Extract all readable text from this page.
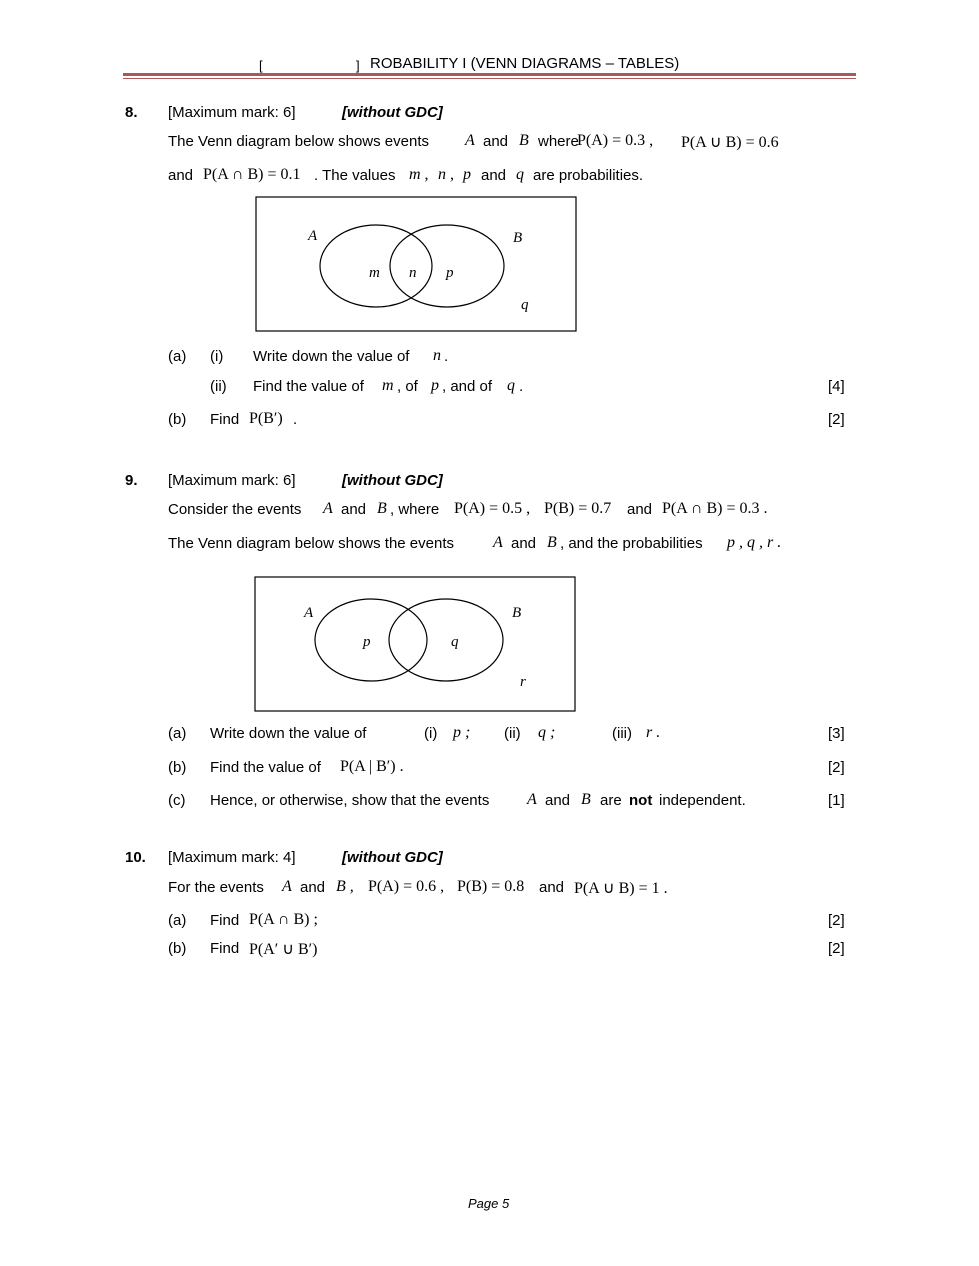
[	] ROBABILITY I (VENN DIAGRAMS – TABLES)
8. [Maximum mark: 6]	[without GDC]
The Venn diagram below shows events A and B where
P(A) = 0.3 , P(A ∪ B) = 0.6
and P(A ∩ B) = 0.1 . The values m , n , p and q are probabilities.
A	B
m n p
q
(a) (i) Write down the value of n .
(ii) Find the value of m , of p , and of q .	[4]
(b) Find P(B′) .	[2]
9. [Maximum mark: 6]	[without GDC]
Consider the events A and B , where P(A) = 0.5 , P(B) = 0.7 and P(A ∩ B) = 0.3 .
The Venn diagram below shows the events A and B , and the probabilities p , q , r .
A	B
p	q
r
(a) Write down the value of	(i) p ; (ii) q ;	(iii) r .	[3]
(b) Find the value of P(A | B′) .	[2]
(c) Hence, or otherwise, show that the events A and B are not independent.	[1]
10. [Maximum mark: 4]	[without GDC]
For the events A and B , P(A) = 0.6 , P(B) = 0.8 and P(A ∪ B) = 1 .
(a) Find P(A ∩ B) ;	[2]
(b) Find P(A′ ∪ B′)	[2]
Page 5
